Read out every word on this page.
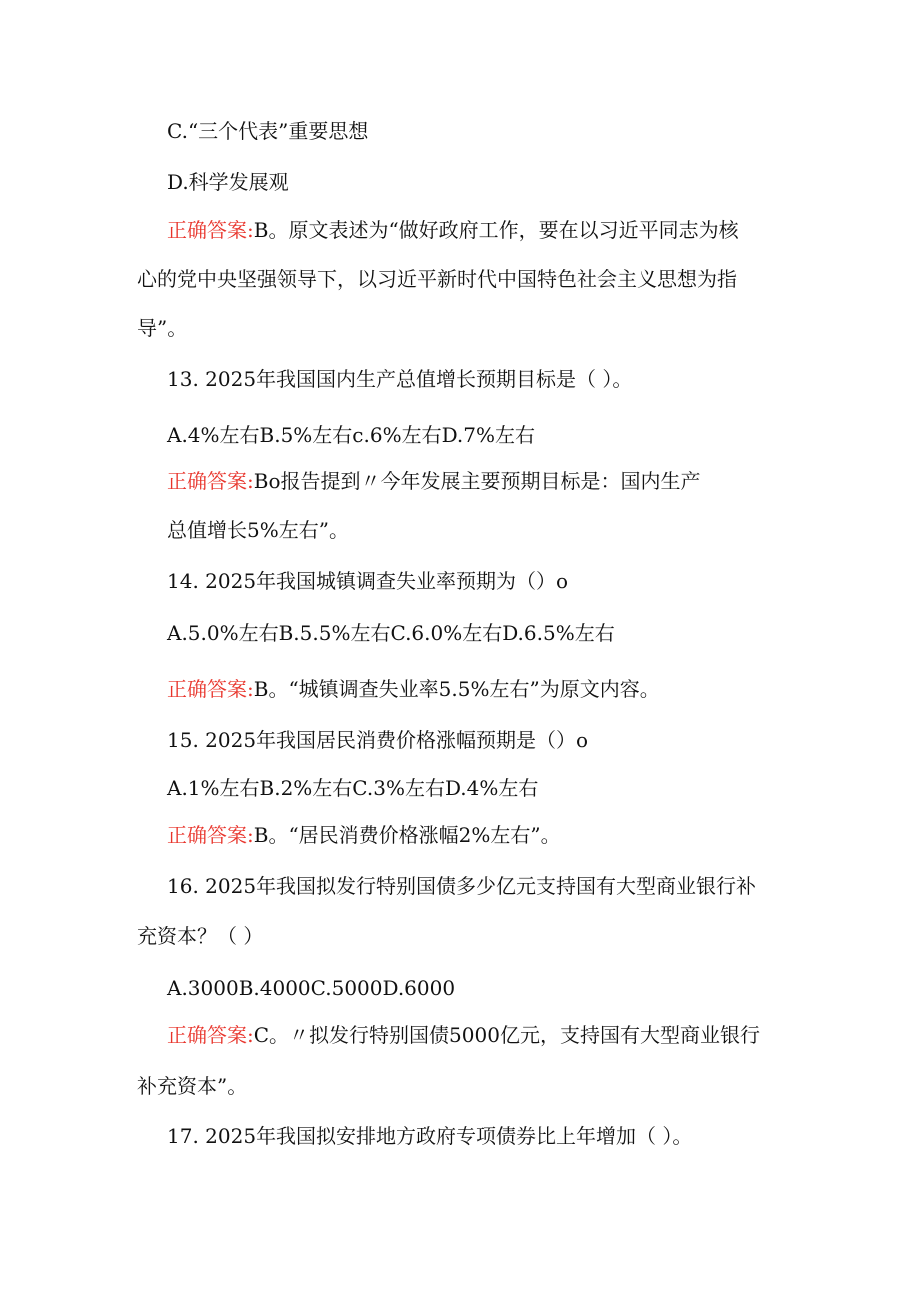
C.“三个代表”重要思想
D.科学发展观
正确答案:B。原文表述为“做好政府工作，要在以习近平同志为核
心的党中央坚强领导下，以习近平新时代中国特色社会主义思想为指
导”。
13. 2025年我国国内生产总值增长预期目标是（ ）。
A.4%左右B.5%左右c.6%左右D.7%左右
正确答案:Bo报告提到〃今年发展主要预期目标是：国内生产
总值增长5%左右”。
14. 2025年我国城镇调查失业率预期为（）o
A.5.0%左右B.5.5%左右C.6.0%左右D.6.5%左右
正确答案:B。“城镇调查失业率5.5%左右”为原文内容。
15. 2025年我国居民消费价格涨幅预期是（）o
A.1%左右B.2%左右C.3%左右D.4%左右
正确答案:B。“居民消费价格涨幅2%左右”。
16. 2025年我国拟发行特别国债多少亿元支持国有大型商业银行补
充资本？（ ）
A.3000B.4000C.5000D.6000
正确答案:C。〃拟发行特别国债5000亿元，支持国有大型商业银行
补充资本”。
17. 2025年我国拟安排地方政府专项债券比上年增加（ ）。
